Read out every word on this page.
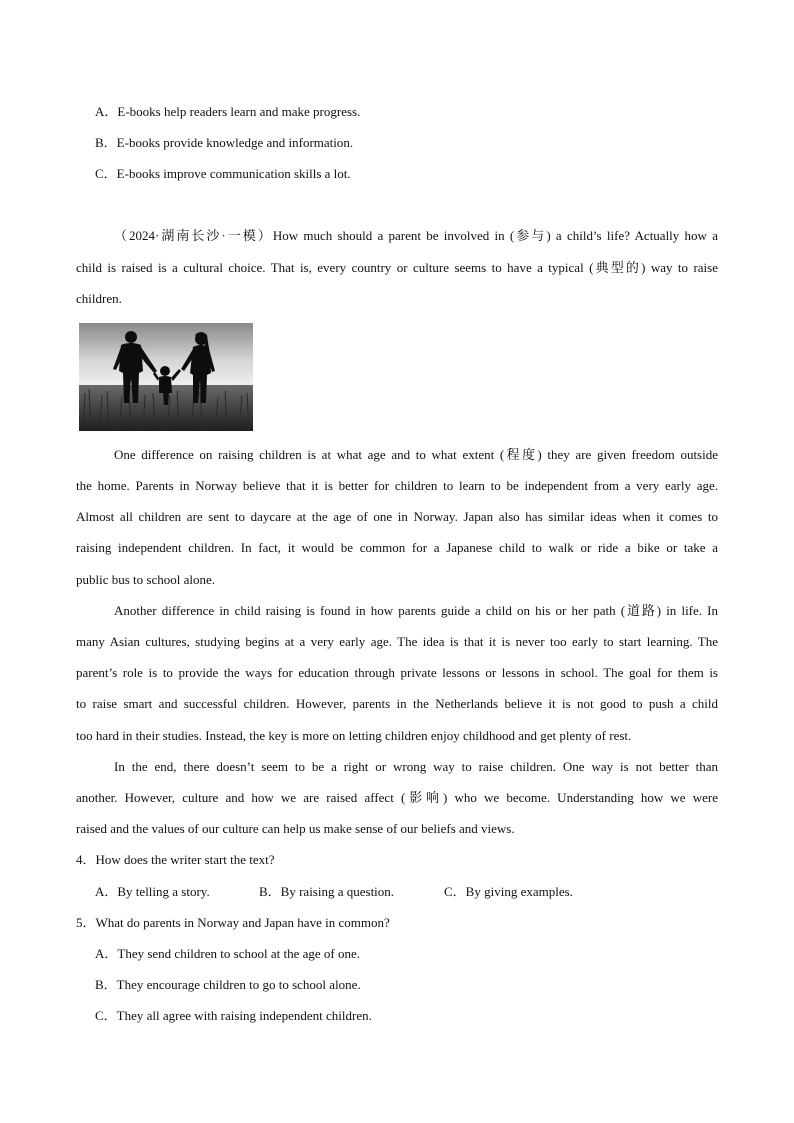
A．E-books help readers learn and make progress.
B．E-books provide knowledge and information.
C．E-books improve communication skills a lot.
（2024·湖南长沙·一模）How much should a parent be involved in (参与) a child’s life? Actually how a
child is raised is a cultural choice. That is, every country or culture seems to have a typical (典型的) way to raise
children.
One difference on raising children is at what age and to what extent (程度) they are given freedom outside
the home. Parents in Norway believe that it is better for children to learn to be independent from a very early age.
Almost all children are sent to daycare at the age of one in Norway. Japan also has similar ideas when it comes to
raising independent children. In fact, it would be common for a Japanese child to walk or ride a bike or take a
public bus to school alone.
Another difference in child raising is found in how parents guide a child on his or her path (道路) in life. In
many Asian cultures, studying begins at a very early age. The idea is that it is never too early to start learning. The
parent’s role is to provide the ways for education through private lessons or lessons in school. The goal for them is
to raise smart and successful children. However, parents in the Netherlands believe it is not good to push a child
too hard in their studies. Instead, the key is more on letting children enjoy childhood and get plenty of rest.
In the end, there doesn’t seem to be a right or wrong way to raise children. One way is not better than
another. However, culture and how we are raised affect (影响) who we become. Understanding how we were
raised and the values of our culture can help us make sense of our beliefs and views.
4．How does the writer start the text?
A．By telling a story.	B．By raising a question.	C．By giving examples.
5．What do parents in Norway and Japan have in common?
A．They send children to school at the age of one.
B．They encourage children to go to school alone.
C．They all agree with raising independent children.
